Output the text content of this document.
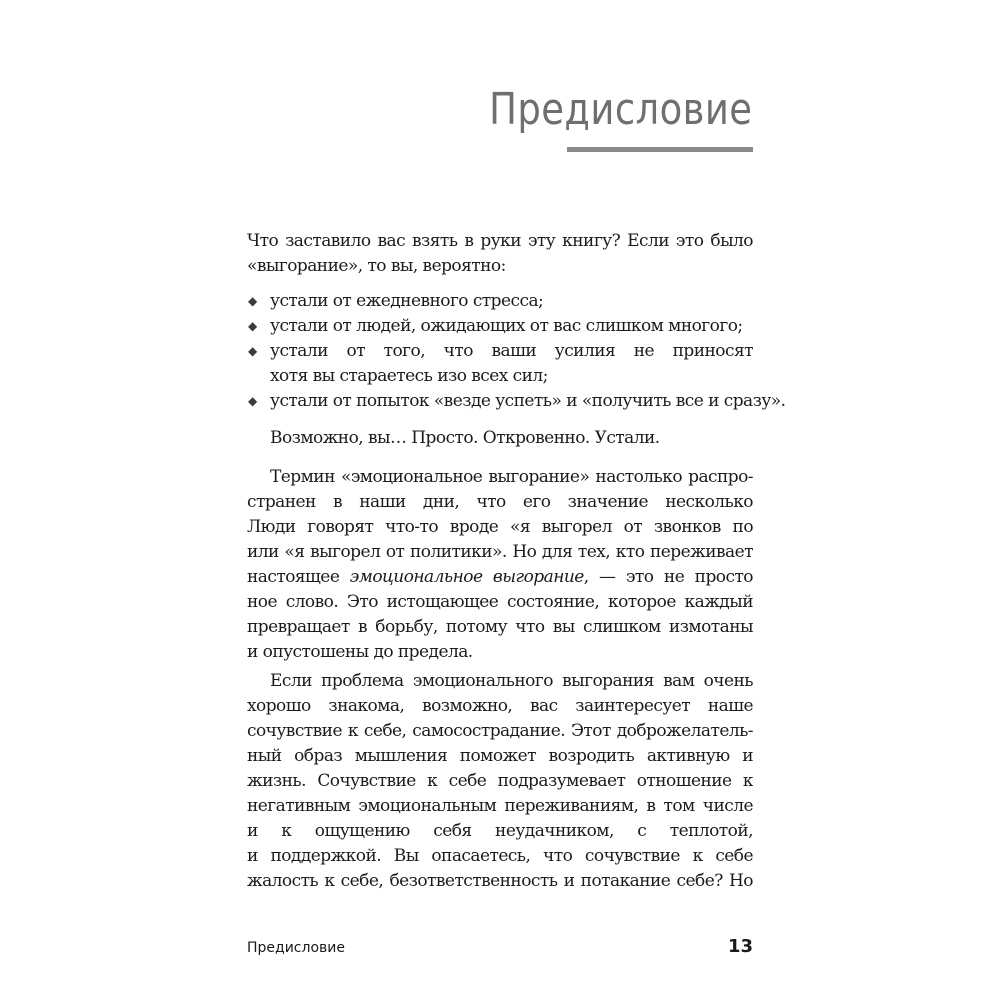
Предисловие

Что заставило вас взять в руки эту книгу? Если это было
«выгорание», то вы, вероятно:

◆ устали от ежедневного стресса;
◆ устали от людей, ожидающих от вас слишком многого;
◆ устали от того, что ваши усилия не приносят
хотя вы стараетесь изо всех сил;
◆ устали от попыток «везде успеть» и «получить все и сразу».

Возможно, вы… Просто. Откровенно. Устали.

Термин «эмоциональное выгорание» настолько распро-
странен в наши дни, что его значение несколько
Люди говорят что-то вроде «я выгорел от звонков по
или «я выгорел от политики». Но для тех, кто переживает
настоящее эмоциональное выгорание, — это не просто
ное слово. Это истощающее состояние, которое каждый
превращает в борьбу, потому что вы слишком измотаны
и опустошены до предела.

Если проблема эмоционального выгорания вам очень
хорошо знакома, возможно, вас заинтересует наше
сочувствие к себе, самосострадание. Этот доброжелатель-
ный образ мышления поможет возродить активную и
жизнь. Сочувствие к себе подразумевает отношение к
негативным эмоциональным переживаниям, в том числе
и к ощущению себя неудачником, с теплотой,
и поддержкой. Вы опасаетесь, что сочувствие к себе
жалость к себе, безответственность и потакание себе? Но

Предисловие	13
